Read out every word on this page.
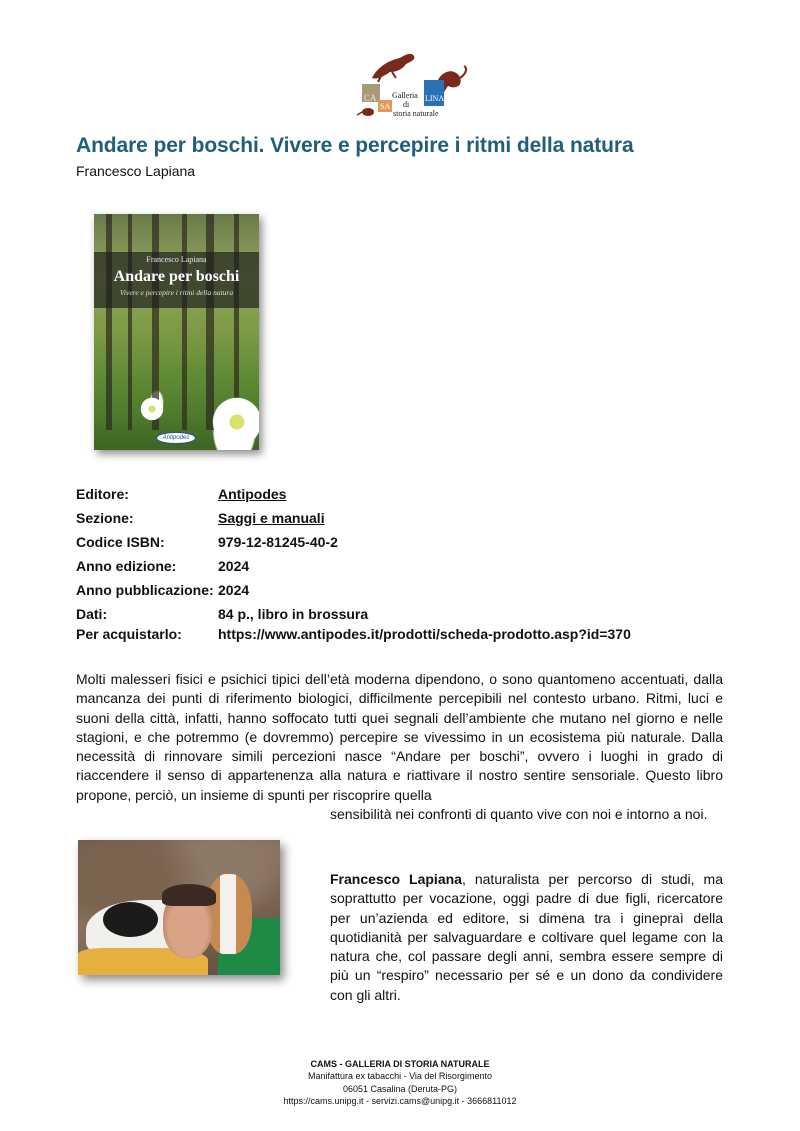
CA
SA
LINA
Galleria
di
storia naturale
Andare per boschi. Vivere e percepire i ritmi della natura
Francesco Lapiana
Francesco Lapiana
Andare per boschi
Vivere e percepire i ritmi della natura
Antipodes
Editore:	Antipodes
Sezione:	Saggi e manuali
Codice ISBN:	979-12-81245-40-2
Anno edizione:	2024
Anno pubblicazione: 2024
Dati:	84 p., libro in brossura
Per acquistarlo:	https://www.antipodes.it/prodotti/scheda-prodotto.asp?id=370

Molti malesseri fisici e psichici tipici dell’età moderna dipendono, o sono quantomeno accentuati, dalla mancanza dei punti di riferimento biologici, difficilmente percepibili nel contesto urbano. Ritmi, luci e suoni della città, infatti, hanno soffocato tutti quei segnali dell’ambiente che mutano nel giorno e nelle stagioni, e che potremmo (e dovremmo) percepire se vivessimo in un ecosistema più naturale. Dalla necessità di rinnovare simili percezioni nasce “Andare per boschi”, ovvero i luoghi in grado di riaccendere il senso di appartenenza alla natura e riattivare il nostro sentire sensoriale. Questo libro propone, perciò, un insieme di spunti per riscoprire quella

sensibilità nei confronti di quanto vive con noi e intorno a noi.

Francesco Lapiana, naturalista per percorso di studi, ma soprattutto per vocazione, oggi padre di due figli, ricercatore per un’azienda ed editore, si dimena tra i ginepraì della quotidianità per salvaguardare e coltivare quel legame con la natura che, col passare degli anni, sembra essere sempre di più un “respiro” necessario per sé e un dono da condividere con gli altri.

CAMS - GALLERIA DI STORIA NATURALE
Manifattura ex tabacchi - Via del Risorgimento
06051 Casalina (Deruta-PG)
https://cams.unipg.it - servizi.cams@unipg.it - 3666811012
